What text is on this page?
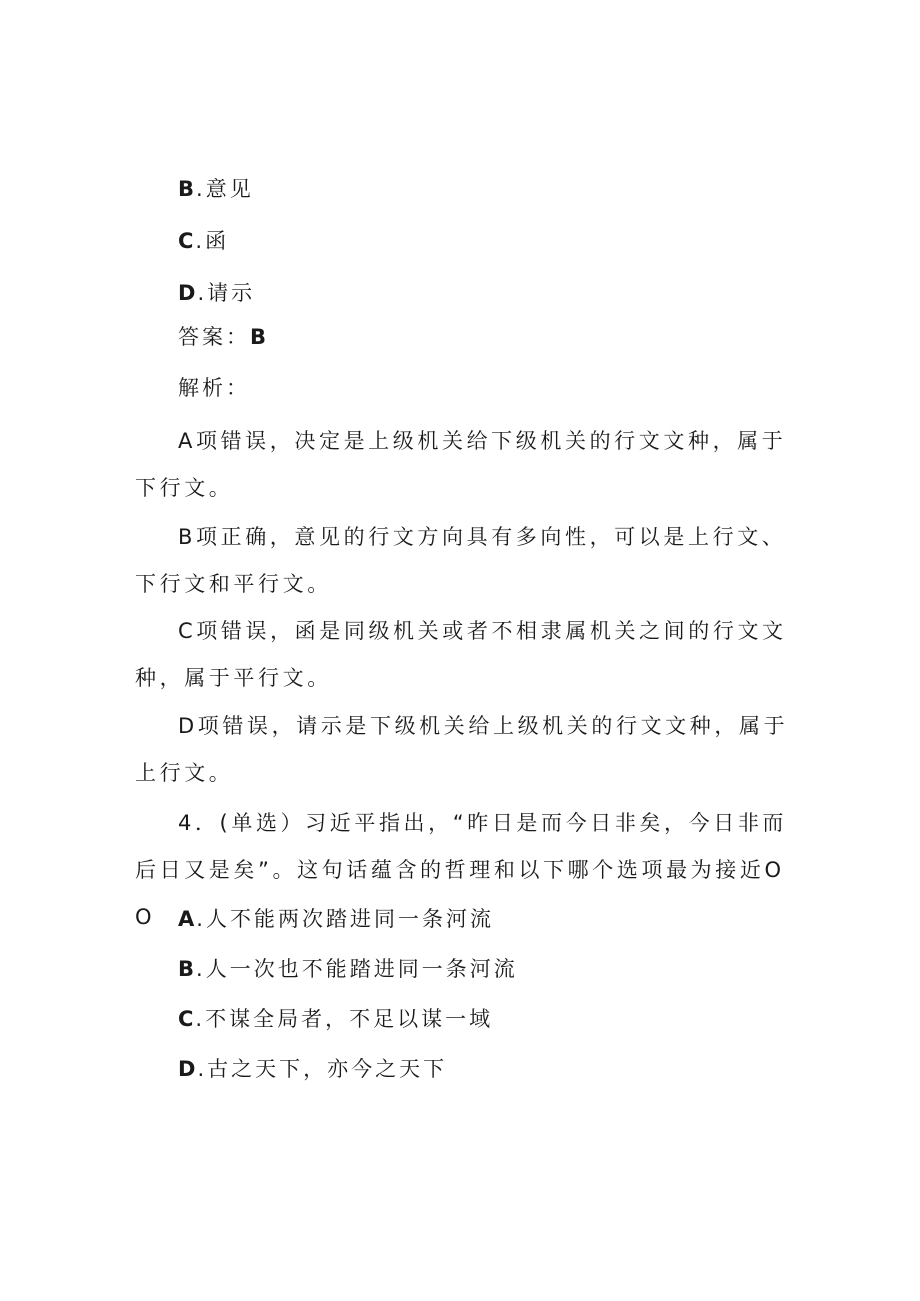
B.意见
C.函
D.请示
答案：B
解析：
A项错误，决定是上级机关给下级机关的行文文种，属于下行文。
B项正确，意见的行文方向具有多向性，可以是上行文、下行文和平行文。
C项错误，函是同级机关或者不相隶属机关之间的行文文种，属于平行文。
D项错误，请示是下级机关给上级机关的行文文种，属于上行文。
4．(单选）习近平指出，“昨日是而今日非矣，今日非而后日又是矣”。这句话蕴含的哲理和以下哪个选项最为接近OO	A.人不能两次踏进同一条河流
B.人一次也不能踏进同一条河流
C.不谋全局者，不足以谋一域
D.古之天下，亦今之天下
